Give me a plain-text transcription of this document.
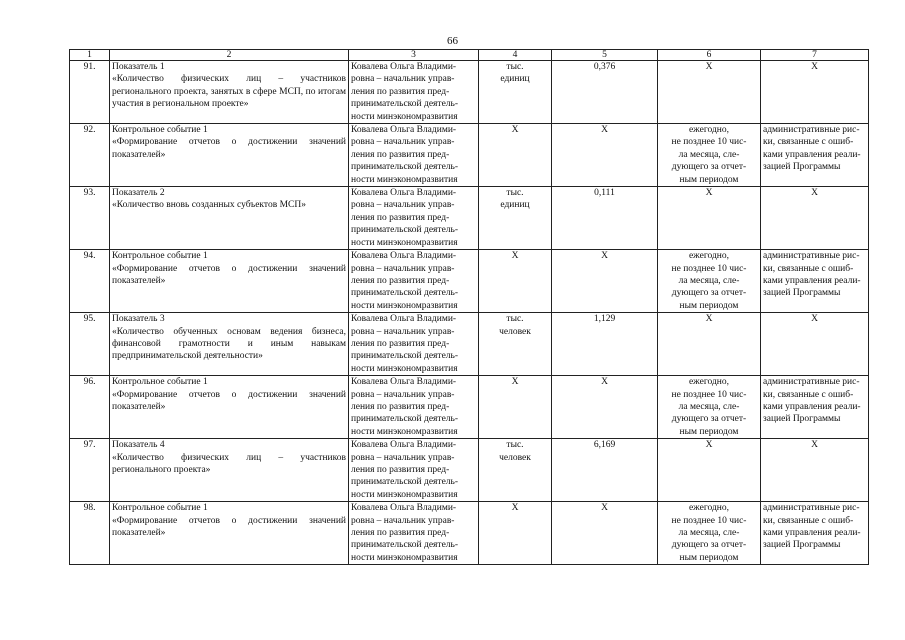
66
1	2	3	4	5	6	7

91.	Показатель 1
«Количество физических лиц – участников регионального проекта, занятых в сфере МСП, по итогам участия в региональном проекте»	Ковалева Ольга Владими-
ровна – начальник управ-
ления по развития пред-
принимательской деятель-
ности минэкономразвития	тыс.
единиц	0,376	Х	Х

92.	Контрольное событие 1
«Формирование отчетов о достижении значений показателей»	Ковалева Ольга Владими-
ровна – начальник управ-
ления по развития пред-
принимательской деятель-
ности минэкономразвития	Х	Х	ежегодно,
не позднее 10 чис-
ла месяца, сле-
дующего за отчет-
ным периодом	административные рис-
ки, связанные с ошиб-
ками управления реали-
зацией Программы

93.	Показатель 2
«Количество вновь созданных субъектов МСП»	Ковалева Ольга Владими-
ровна – начальник управ-
ления по развития пред-
принимательской деятель-
ности минэкономразвития	тыс.
единиц	0,111	Х	Х

94.	Контрольное событие 1
«Формирование отчетов о достижении значений показателей»	Ковалева Ольга Владими-
ровна – начальник управ-
ления по развития пред-
принимательской деятель-
ности минэкономразвития	Х	Х	ежегодно,
не позднее 10 чис-
ла месяца, сле-
дующего за отчет-
ным периодом	административные рис-
ки, связанные с ошиб-
ками управления реали-
зацией Программы

95.	Показатель 3
«Количество обученных основам ведения бизнеса, финансовой грамотности и иным навыкам предпринимательской деятельности»	Ковалева Ольга Владими-
ровна – начальник управ-
ления по развития пред-
принимательской деятель-
ности минэкономразвития	тыс.
человек	1,129	Х	Х

96.	Контрольное событие 1
«Формирование отчетов о достижении значений показателей»	Ковалева Ольга Владими-
ровна – начальник управ-
ления по развития пред-
принимательской деятель-
ности минэкономразвития	Х	Х	ежегодно,
не позднее 10 чис-
ла месяца, сле-
дующего за отчет-
ным периодом	административные рис-
ки, связанные с ошиб-
ками управления реали-
зацией Программы

97.	Показатель 4
«Количество физических лиц – участников регионального проекта»	Ковалева Ольга Владими-
ровна – начальник управ-
ления по развития пред-
принимательской деятель-
ности минэкономразвития	тыс.
человек	6,169	Х	Х

98.	Контрольное событие 1
«Формирование отчетов о достижении значений показателей»	Ковалева Ольга Владими-
ровна – начальник управ-
ления по развития пред-
принимательской деятель-
ности минэкономразвития	Х	Х	ежегодно,
не позднее 10 чис-
ла месяца, сле-
дующего за отчет-
ным периодом	административные рис-
ки, связанные с ошиб-
ками управления реали-
зацией Программы
